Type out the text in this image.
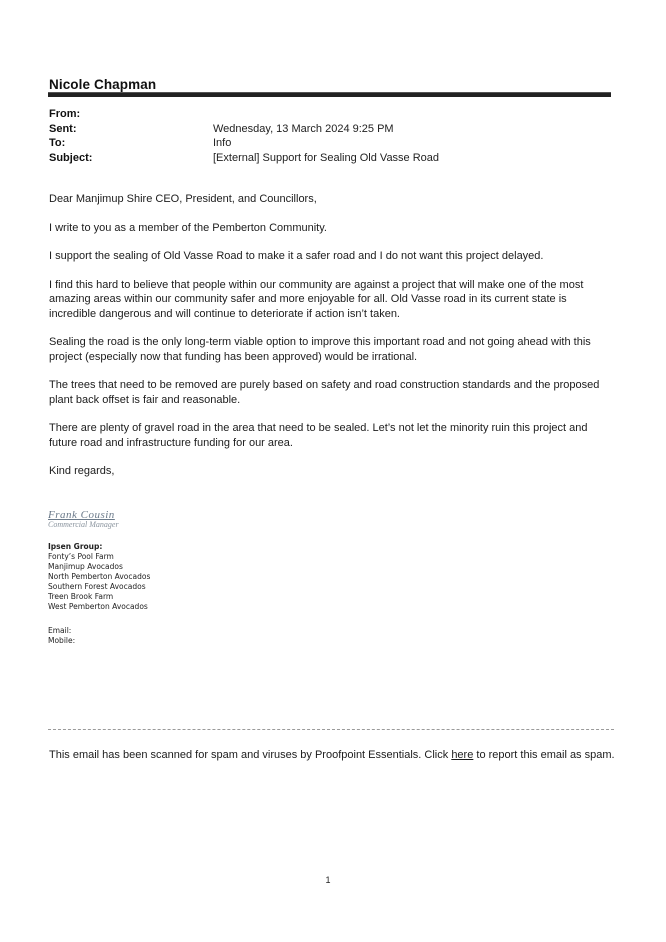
Nicole Chapman
From:
Sent:	Wednesday, 13 March 2024 9:25 PM
To:	Info
Subject:	[External] Support for Sealing Old Vasse Road

Dear Manjimup Shire CEO, President, and Councillors,

I write to you as a member of the Pemberton Community.

I support the sealing of Old Vasse Road to make it a safer road and I do not want this project delayed.

I find this hard to believe that people within our community are against a project that will make one of the most amazing areas within our community safer and more enjoyable for all. Old Vasse road in its current state is incredible dangerous and will continue to deteriorate if action isn’t taken.

Sealing the road is the only long-term viable option to improve this important road and not going ahead with this project (especially now that funding has been approved) would be irrational.

The trees that need to be removed are purely based on safety and road construction standards and the proposed plant back offset is fair and reasonable.

There are plenty of gravel road in the area that need to be sealed. Let’s not let the minority ruin this project and future road and infrastructure funding for our area.

Kind regards,

Frank Cousin
Commercial Manager
Ipsen Group:
Fonty’s Pool Farm
Manjimup Avocados
North Pemberton Avocados
Southern Forest Avocados
Treen Brook Farm
West Pemberton Avocados
Email:
Mobile:
This email has been scanned for spam and viruses by Proofpoint Essentials. Click here to report this email as spam.
1
